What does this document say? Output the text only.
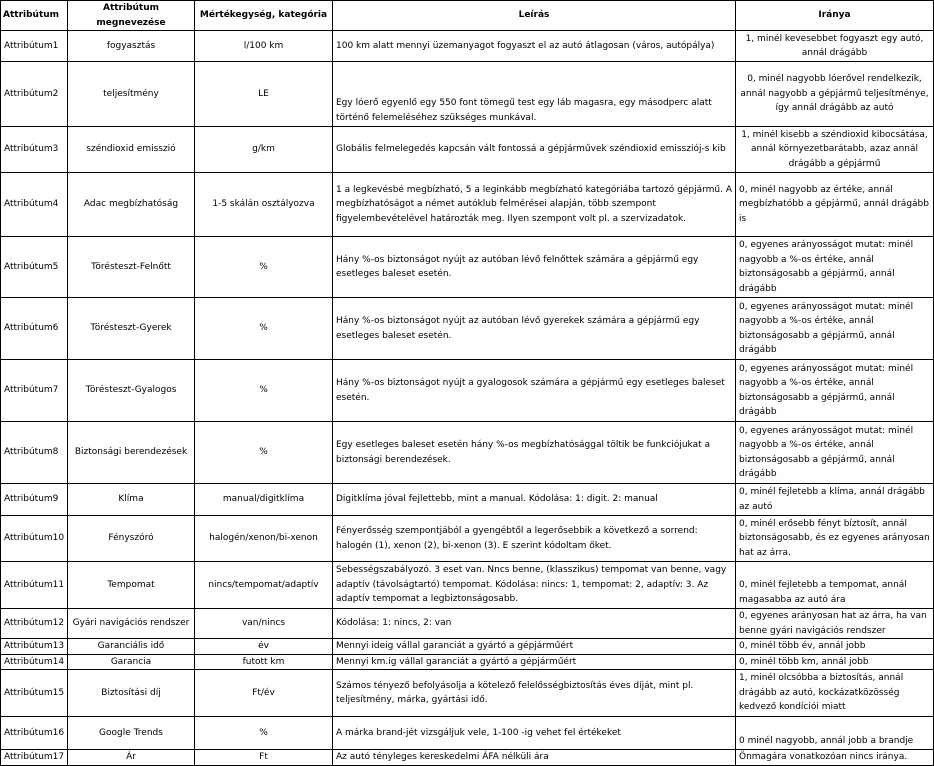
Attribútum	Attribútum megnevezése	Mértékegység, kategória	Leírás	Iránya
Attribútum1	fogyasztás	l/100 km	100 km alatt mennyi üzemanyagot fogyaszt el az autó átlagosan (város, autópálya)	1, minél kevesebbet fogyaszt egy autó, annál drágább
Attribútum2	teljesítmény	LE	Egy lóerő egyenlő egy 550 font tömegű test egy láb magasra, egy másodperc alatt történő felemeléséhez szükséges munkával.	0, minél nagyobb lóerővel rendelkezik, annál nagyobb a gépjármű teljesítménye, így annál drágább az autó
Attribútum3	széndioxid emisszió	g/km	Globális felmelegedés kapcsán vált fontossá a gépjárművek széndioxid emissziój-s kib	1, minél kisebb a széndioxid kibocsátása, annál környezetbarátabb, azaz annál drágább a gépjármű
Attribútum4	Adac megbízhatóság	1-5 skálán osztályozva	1 a legkevésbé megbízható, 5 a leginkább megbízható kategóriába tartozó gépjármű. A megbízhatóságot a német autóklub felmérései alapján, több szempont figyelembevételével határozták meg. Ilyen szempont volt pl. a szervizadatok.	0, minél nagyobb az értéke, annál megbízhatóbb a gépjármű, annál drágább is
Attribútum5	Törésteszt-Felnőtt	%	Hány %-os biztonságot nyújt az autóban lévő felnőttek számára a gépjármű egy esetleges baleset esetén.	0, egyenes arányosságot mutat: minél nagyobb a %-os értéke, annál biztonságosabb a gépjármű, annál drágább
Attribútum6	Törésteszt-Gyerek	%	Hány %-os biztonságot nyújt az autóban lévő gyerekek számára a gépjármű egy esetleges baleset esetén.	0, egyenes arányosságot mutat: minél nagyobb a %-os értéke, annál biztonságosabb a gépjármű, annál drágább
Attribútum7	Törésteszt-Gyalogos	%	Hány %-os biztonságot nyújt a gyalogosok számára a gépjármű egy esetleges baleset esetén.	0, egyenes arányosságot mutat: minél nagyobb a %-os értéke, annál biztonságosabb a gépjármű, annál drágább
Attribútum8	Biztonsági berendezések	%	Egy esetleges baleset esetén hány %-os megbízhatósággal töltik be funkciójukat a biztonsági berendezések.	0, egyenes arányosságot mutat: minél nagyobb a %-os értéke, annál biztonságosabb a gépjármű, annál drágább
Attribútum9	Klíma	manual/digitklíma	Digitklíma jóval fejlettebb, mint a manual. Kódolása: 1: digit. 2: manual	0, minél fejletebb a klíma, annál drágább az autó
Attribútum10	Fényszóró	halogén/xenon/bi-xenon	Fényerősség szempontjából a gyengébtől a legerősebbik a következő a sorrend: halogén (1), xenon (2), bi-xenon (3). E szerint kódoltam őket.	0, minél erősebb fényt bíztosít, annál biztonságosabb, és ez egyenes arányosan hat az árra.
Attribútum11	Tempomat	nincs/tempomat/adaptív	Sebességszabályozó. 3 eset van. Nncs benne, (klasszikus) tempomat van benne, vagy adaptív (távolságtartó) tempomat. Kódolása: nincs: 1, tempomat: 2, adaptív: 3. Az adaptív tempomat a legbiztonságosabb.	0, minél fejletebb a tempomat, annál magasabba az autó ára
Attribútum12	Gyári navigációs rendszer	van/nincs	Kódolása: 1: nincs, 2: van	0, egyenes arányosan hat az árra, ha van benne gyári navigációs rendszer
Attribútum13	Garanciális idő	év	Mennyi ideig vállal garanciát a gyártó a gépjárműért	0, minél több év, annál jobb
Attribútum14	Garancia	futott km	Mennyi km.ig vállal garanciát a gyártó a gépjárműért	0, minél több km, annál jobb
Attribútum15	Biztosítási díj	Ft/év	Számos tényező befolyásolja a kötelező felelősségbiztosítás éves díját, mint pl. teljesítmény, márka, gyártási idő.	1, minél olcsóbba a biztosítás, annál drágább az autó, kockázatközösség kedvező kondíciói miatt
Attribútum16	Google Trends	%	A márka brand-jét vizsgáljuk vele, 1-100 -ig vehet fel értékeket	0 minél nagyobb, annál jobb a brandje
Attribútum17	Ár	Ft	Az autó tényleges kereskedelmi ÁFA nélküli ára	Önmagára vonatkozóan nincs iránya.
